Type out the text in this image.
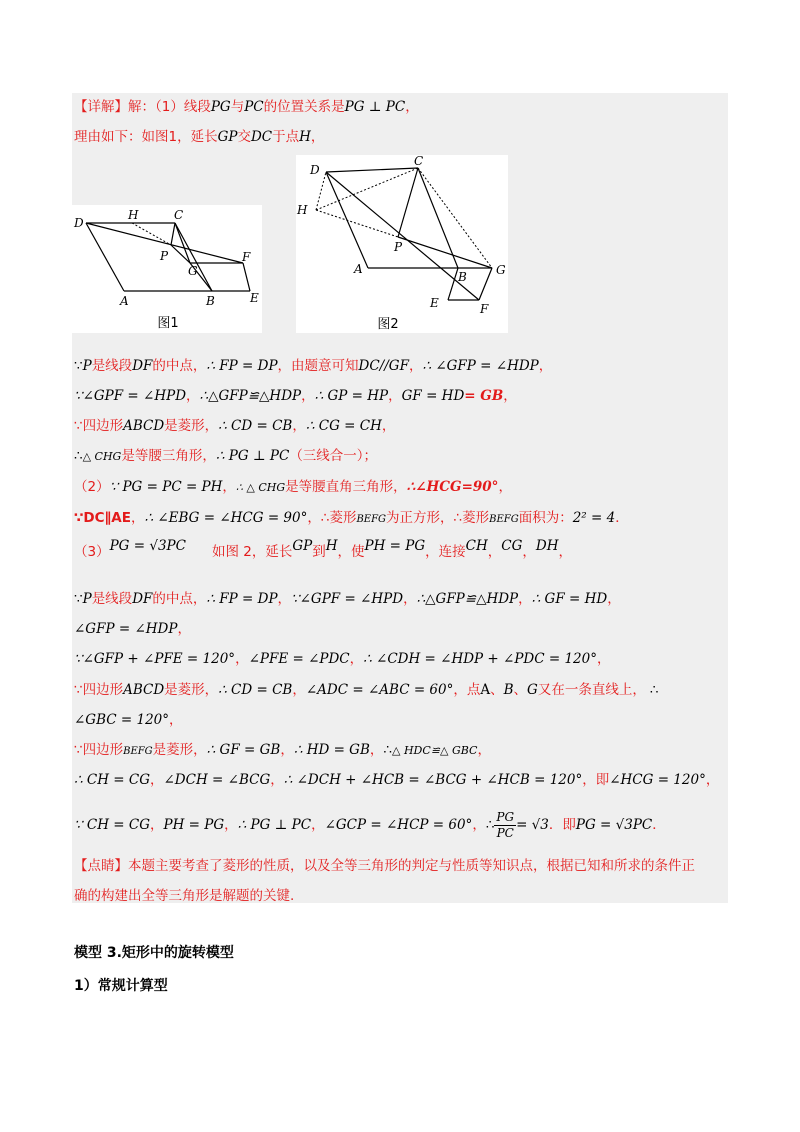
【详解】解：（1）线段PG与PC的位置关系是PG ⊥ PC，
理由如下：如图1，延长GP交DC于点H，
D
H	C
P
G
F
A	B	E
图1
D
C
H
P
A
B G
E	F
图2
∵P是线段DF的中点，∴ FP = DP，由题意可知DC//GF，∴ ∠GFP = ∠HDP，
∵∠GPF = ∠HPD，∴△GFP≌△HDP，∴ GP = HP，GF = HD= GB，
∵四边形ABCD是菱形，∴ CD = CB，∴ CG = CH，
∴△ CHG是等腰三角形，∴ PG ⊥ PC（三线合一）；
（2）∵ PG = PC = PH，∴ △ CHG是等腰直角三角形，∴∠HCG=90°，
∵DC∥AE，∴ ∠EBG = ∠HCG = 90°，∴菱形BEFG为正方形，∴菱形BEFG面积为：2² = 4．
（3）PG = √3PC 如图 2，延长GP到H，使PH = PG，连接CH，CG，DH，
∵P是线段DF的中点，∴ FP = DP，∵∠GPF = ∠HPD，∴△GFP≌△HDP，∴ GF = HD，
∠GFP = ∠HDP，
∵∠GFP + ∠PFE = 120°，∠PFE = ∠PDC，∴ ∠CDH = ∠HDP + ∠PDC = 120°，
∵四边形ABCD是菱形，∴ CD = CB，∠ADC = ∠ABC = 60°，点A、B、G又在一条直线上， ∴
∠GBC = 120°，
∵四边形BEFG是菱形，∴ GF = GB，∴ HD = GB，∴△ HDC≌△ GBC，
∴ CH = CG，∠DCH = ∠BCG，∴ ∠DCH + ∠HCB = ∠BCG + ∠HCB = 120°，即∠HCG = 120°，
∵ CH = CG，PH = PG，∴ PG ⊥ PC，∠GCP = ∠HCP = 60°，∴ $\frac{PG}{PC} = √3$．即PG = √3PC．
【点睛】本题主要考查了菱形的性质，以及全等三角形的判定与性质等知识点，根据已知和所求的条件正
确的构建出全等三角形是解题的关键.
模型 3.矩形中的旋转模型
1）常规计算型
